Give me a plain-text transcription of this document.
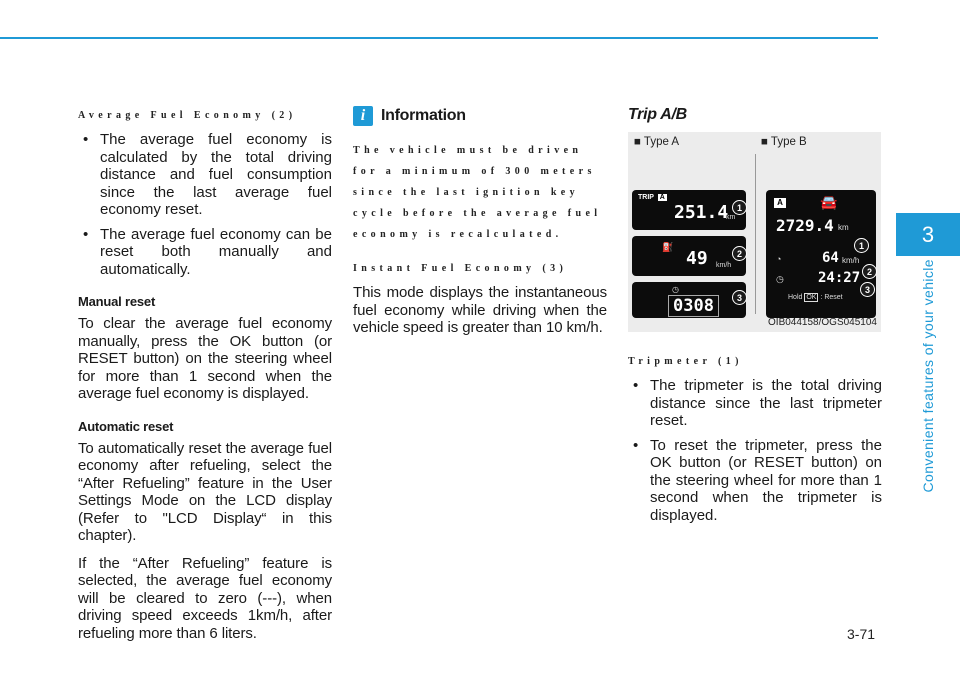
Average Fuel Economy (2)
• The average fuel economy is calculated by the total driving distance and fuel consumption since the last average fuel economy reset.
• The average fuel economy can be reset both manually and automatically.
Manual reset

To clear the average fuel economy manually, press the OK button (or RESET button) on the steering wheel for more than 1 second when the average fuel economy is displayed.

Automatic reset

To automatically reset the average fuel economy after refueling, select the “After Refueling” feature in the User Settings Mode on the LCD display (Refer to "LCD Display“ in this chapter).

If the “After Refueling” feature is selected, the average fuel economy will be cleared to zero (---), when driving speed exceeds 1km/h, after refueling more than 6 liters.

i Information
The vehicle must be driven for a minimum of 300 meters since the last ignition key cycle before the average fuel economy is recalculated.
Instant Fuel Economy (3)

This mode displays the instantaneous fuel economy while driving when the vehicle speed is greater than 10 km/h.

Trip A/B
■ Type A	■ Type B
TRIP A
251.4
km
⛽
49 km/h
◷
0308
1
2
3
A	🚘
2729.4 km
◔	64 km/h
◷ 24:27
Hold OK : Reset
1
2
3
OIB044158/OGS045104
Tripmeter (1)
• The tripmeter is the total driving distance since the last tripmeter reset.
• To reset the tripmeter, press the OK button (or RESET button) on the steering wheel for more than 1 second when the tripmeter is displayed.
3
Convenient features of your vehicle
3-71
